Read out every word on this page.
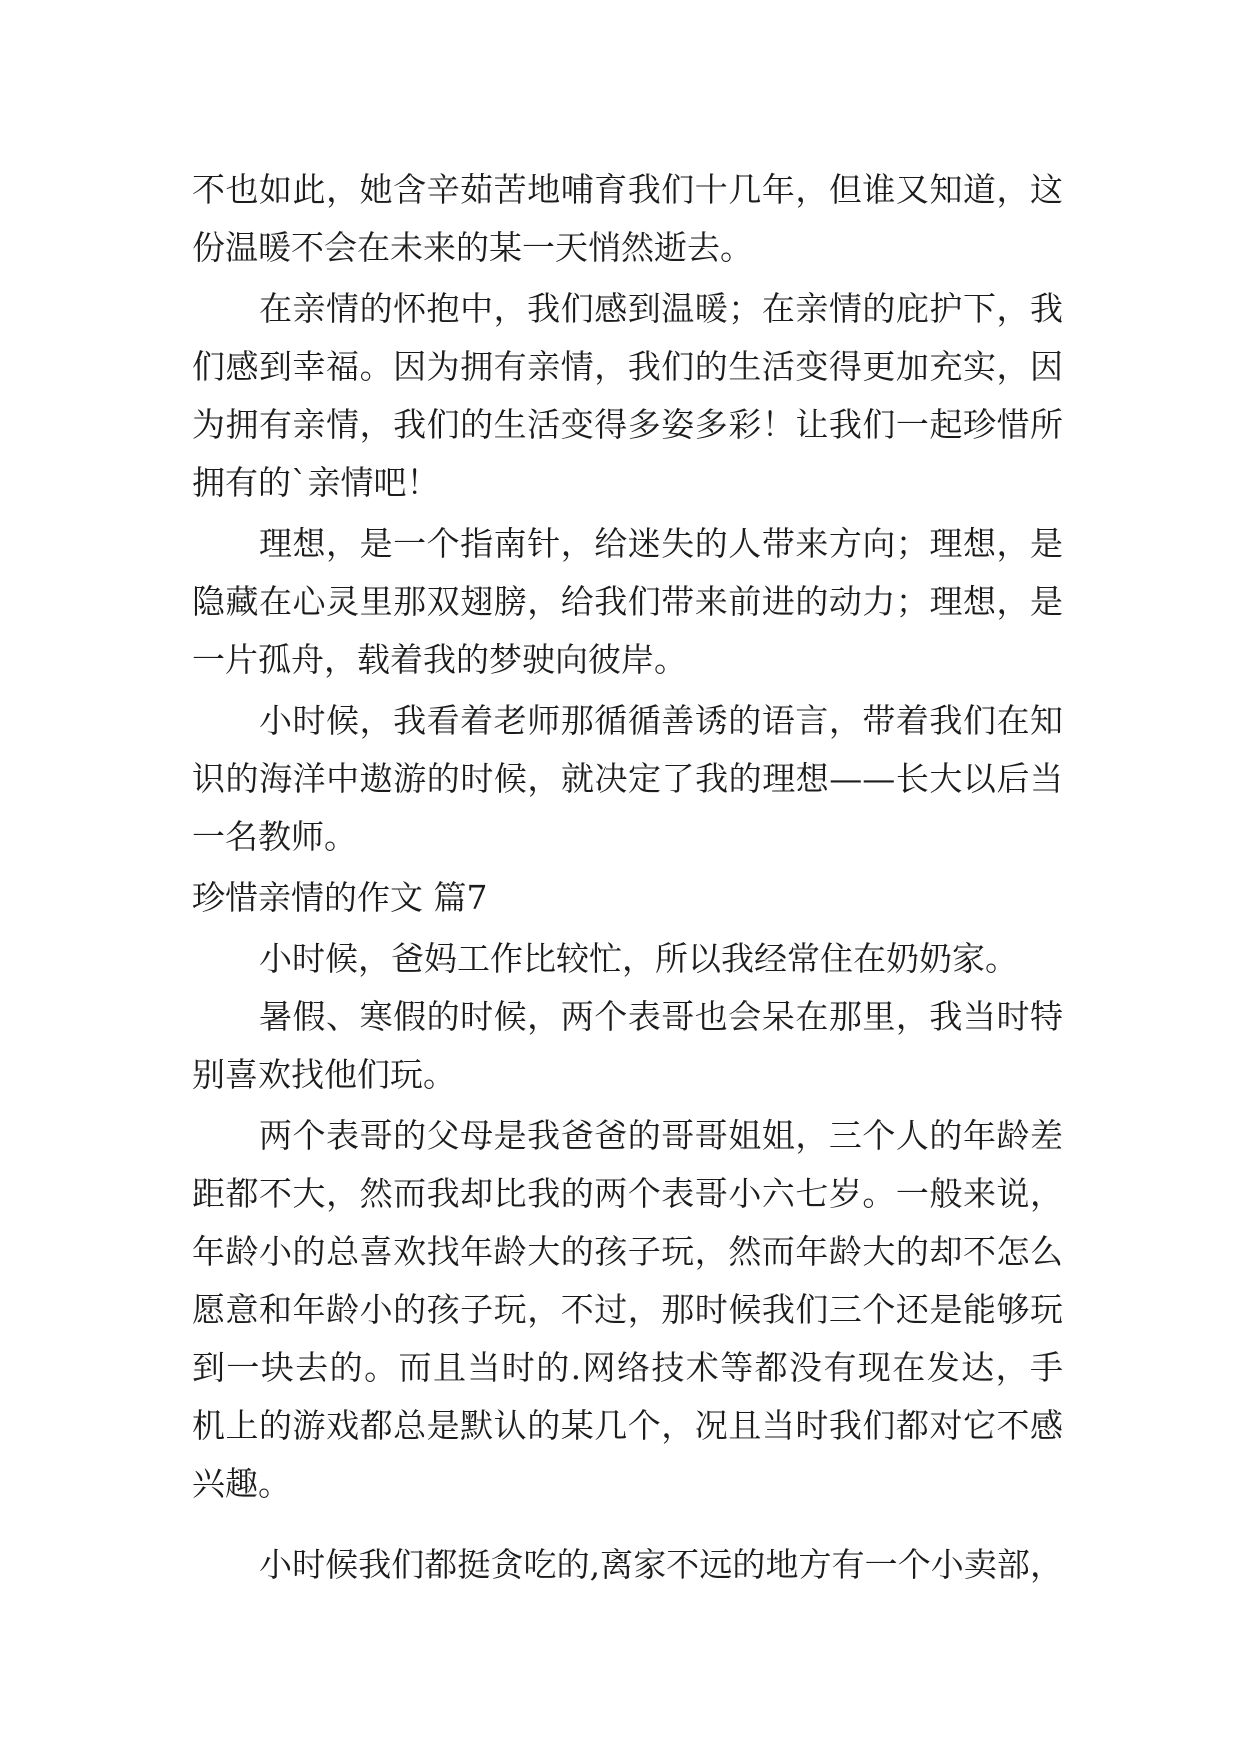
不也如此，她含辛茹苦地哺育我们十几年，但谁又知道，这
份温暖不会在未来的某一天悄然逝去。
在亲情的怀抱中，我们感到温暖；在亲情的庇护下，我
们感到幸福。因为拥有亲情，我们的生活变得更加充实，因
为拥有亲情，我们的生活变得多姿多彩！让我们一起珍惜所
拥有的`亲情吧！
理想，是一个指南针，给迷失的人带来方向；理想，是
隐藏在心灵里那双翅膀，给我们带来前进的动力；理想，是
一片孤舟，载着我的梦驶向彼岸。
小时候，我看着老师那循循善诱的语言，带着我们在知
识的海洋中遨游的时候，就决定了我的理想——长大以后当
一名教师。
珍惜亲情的作文 篇7
小时候，爸妈工作比较忙，所以我经常住在奶奶家。
暑假、寒假的时候，两个表哥也会呆在那里，我当时特
别喜欢找他们玩。
两个表哥的父母是我爸爸的哥哥姐姐，三个人的年龄差
距都不大，然而我却比我的两个表哥小六七岁。一般来说，
年龄小的总喜欢找年龄大的孩子玩，然而年龄大的却不怎么
愿意和年龄小的孩子玩，不过，那时候我们三个还是能够玩
到一块去的。而且当时的.网络技术等都没有现在发达，手
机上的游戏都总是默认的某几个，况且当时我们都对它不感
兴趣。
小时候我们都挺贪吃的,离家不远的地方有一个小卖部，
